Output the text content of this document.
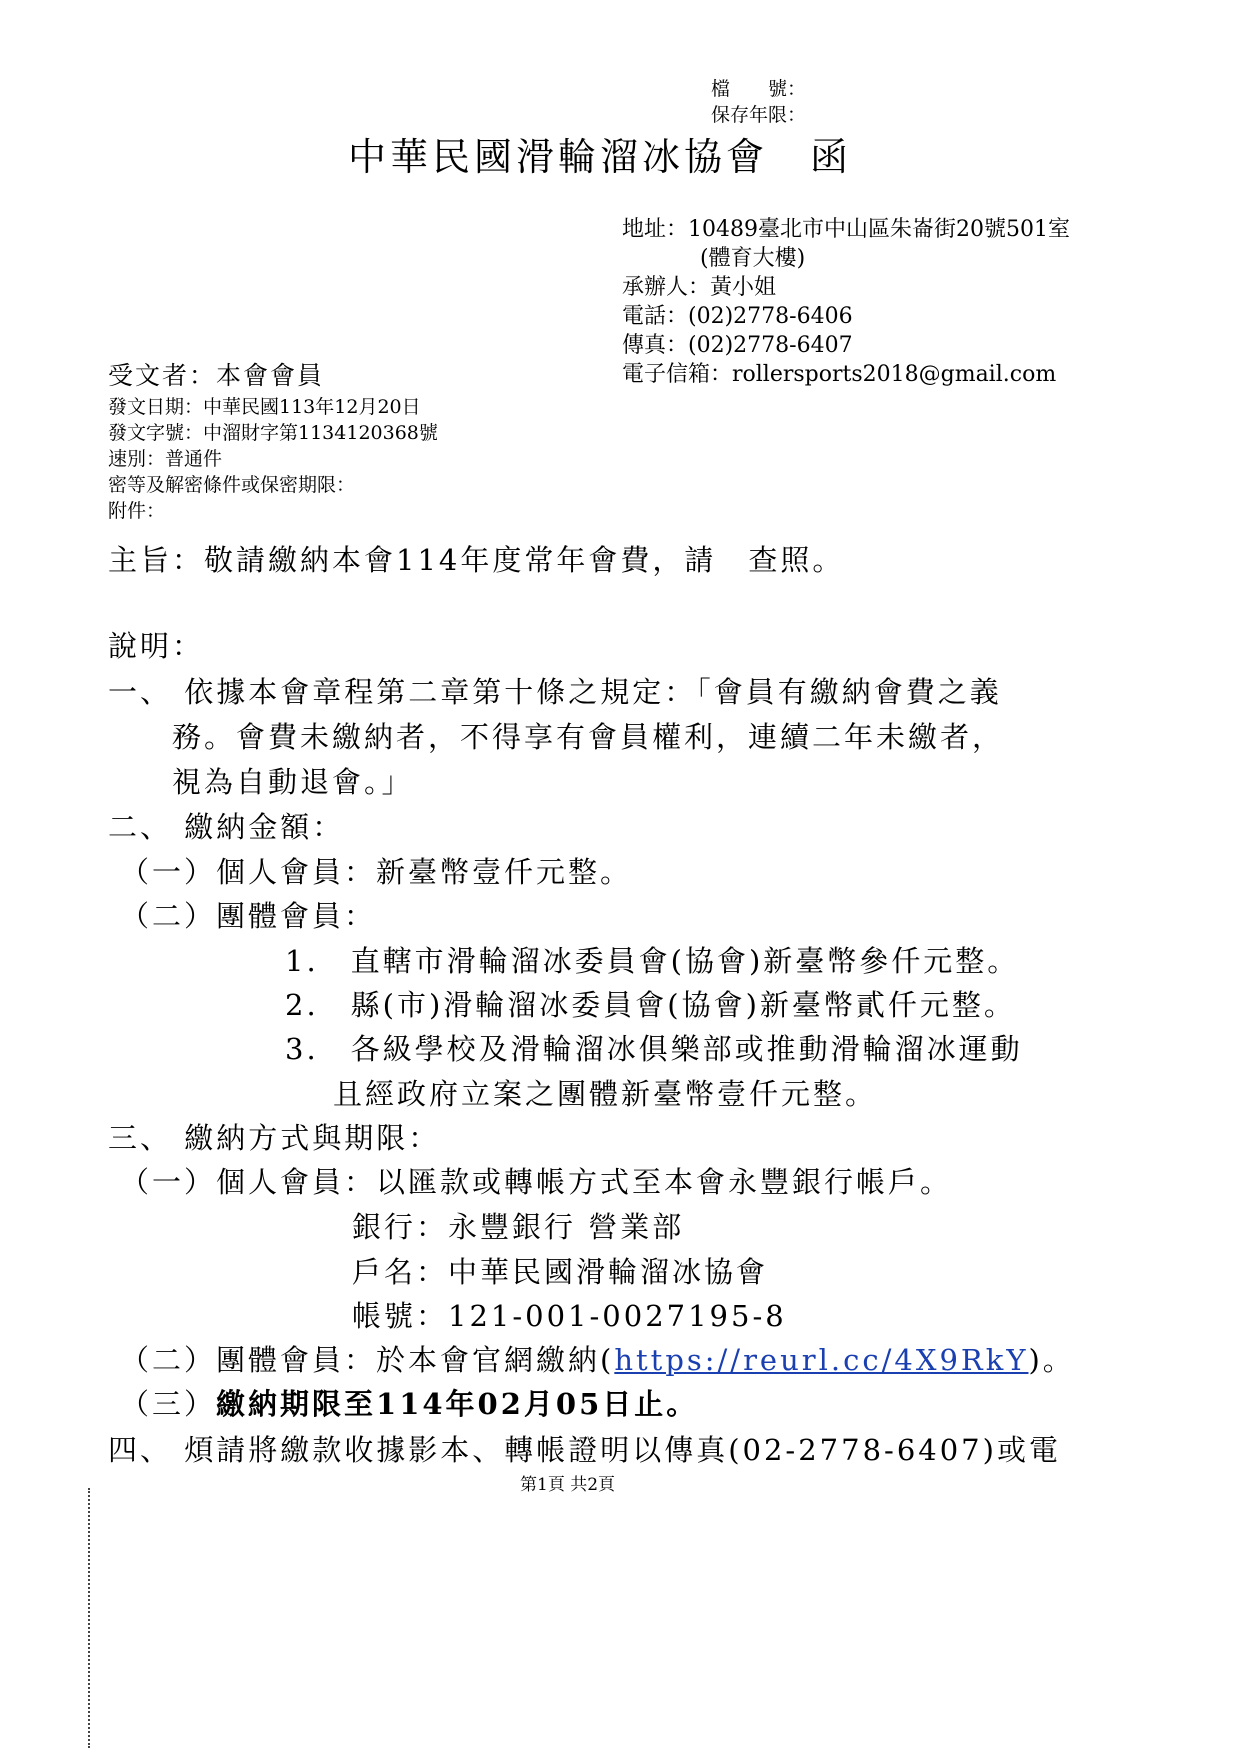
檔　　號：
保存年限：
中華民國滑輪溜冰協會　函
地址：10489臺北市中山區朱崙街20號501室
(體育大樓)
承辦人：黃小姐
電話：(02)2778-6406
傳真：(02)2778-6407
電子信箱：rollersports2018@gmail.com
受文者：本會會員
發文日期：中華民國113年12月20日
發文字號：中溜財字第1134120368號
速別：普通件
密等及解密條件或保密期限：
附件：
主旨：敬請繳納本會114年度常年會費，請　查照。
說明：
一、 依據本會章程第二章第十條之規定：「會員有繳納會費之義
務。會費未繳納者，不得享有會員權利，連續二年未繳者，
視為自動退會。」
二、 繳納金額：
（一）個人會員：新臺幣壹仟元整。
（二）團體會員：
1.　直轄市滑輪溜冰委員會(協會)新臺幣參仟元整。
2.　縣(市)滑輪溜冰委員會(協會)新臺幣貳仟元整。
3.　各級學校及滑輪溜冰俱樂部或推動滑輪溜冰運動
且經政府立案之團體新臺幣壹仟元整。
三、 繳納方式與期限：
（一）個人會員：以匯款或轉帳方式至本會永豐銀行帳戶。
銀行：永豐銀行 營業部
戶名：中華民國滑輪溜冰協會
帳號：121-001-0027195-8
（二）團體會員：於本會官網繳納(https://reurl.cc/4X9RkY)。
（三）繳納期限至114年02月05日止。
四、 煩請將繳款收據影本、轉帳證明以傳真(02-2778-6407)或電
第1頁 共2頁
